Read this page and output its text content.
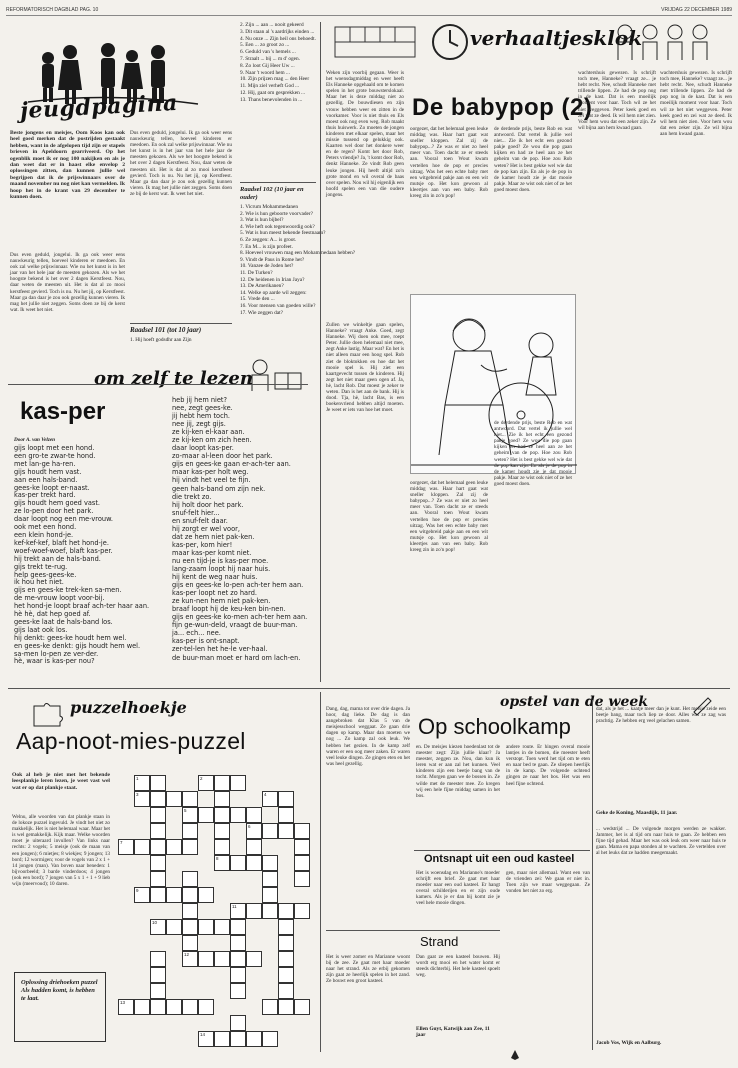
REFORMATORISCH DAGBLAD PAG. 10	VRIJDAG 22 DECEMBER 1989
jeugdpagina
Beste jongens en meisjes, Oom Koos kan ook heel goed merken dat de postrijden gestaakt hebben, want in de afgelopen tijd zijn er stapels brieven in Apeldoorn gearriveerd. Op het ogenblik moet ik er nog 100 nakijken en als je dan weet dat er in haast elke envelop 2 oplossingen zitten, dan kunnen jullie wel begrijpen dat ik de prijswinnaars over de maand november nu nog niet kan vermelden. Ik hoop het in de krant van 29 december te kunnen doen.
Dus even geduld, jongelui. Ik ga ook weer eens nauwkeurig tellen, hoeveel kinderen er meedoen. En ook zal welke prijswinnaar. Wie nu het kunst is in het jaar van het hele jaar de meesten gekozen. Als we het hoogste bekend is het over 2 dagen Kerstfeest. Nou, daar weten de meesten uit. Het is dat al zo mooi kerstfeest gevierd. Toch is nu. Nu het jij, op Kerstfeest. Maar ga dan daar je zou ook gezellig kunnen vieren. Ik mag het jullie niet zeggen. Soms doen ze bij de kerst wat. Ik weet het niet.
Dus even geduld, jongelui. Ik ga ook weer eens nauwkeurig tellen, hoeveel kinderen er meedoen. En ook zal welke prijswinnaar. Wie nu het kunst is in het jaar van het hele jaar de meesten gekozen. Als we het hoogste bekend is het over 2 dagen Kerstfeest. Nou, daar weten de meesten uit. Het is dat al zo mooi kerstfeest gevierd. Toch is nu. Nu het jij, op Kerstfeest. Maar ga dan daar je zou ook gezellig kunnen vieren. Ik mag het jullie niet zeggen. Soms doen ze bij de kerst wat. Ik weet het niet.
Raadsel 101 (tot 10 jaar)
1. Hij hoeft godsdhr aan Zijn
2. Zijn ... aan ... nooit gekeerd
3. Dit staan al 's aardrijks einden ...
4. Nu onze ... Zijn heil ons behoedt.
5. Een ... zo groot zo ...
6. Geduld van 's hemels ...
7. Straalt ... bij ... m d' ogen.
8. Zo loot Gij Heer Uw ...
9. Naar 't woord hem ...
10. Zijn prijzen mag ... den Heer
11. Mijn ziel verheft God ...
12. Hij, gaat om gesprekken ...
13. Thans benevolenden in ...
Raadsel 102 (10 jaar en ouder)
1. Vicrum Mohammedanen
2. Wie is hun geboorte voorvader?
3. Wat is hun bijbel?
4. Wie heft ook tegenwoordig ook?
5. Wat is hun meest bekende feestnaam?
6. Ze zeggen: A... is groot.
7. En M... is zijn profeet.
8. Hoeveel vrouwen mag een Mohammedaan hebben?
9. Vindt de Paus in Rome het?
10. Vanzee de Joden het?
11. De Turken?
12. De heidenen in Irian Jaya?
13. De Amerikanen?
14. Welke op aarde wil zeggen:
15. Vrede den ...
16. Voor mensen van goeden wille?
17. Wie zeggen dat?
verhaaltjesklok
Weken zijn voorbij gegaan. Weer is het woensdagmiddag en weer heeft Els Hanneke opgehaald om te komen spelen in het grote bouwsterslokaal. Maar het is deze middag niet zo gezellig. De bouwdiesen en zijn vrouw hebben weer en zitten in de voorkamer. Voor is niet thuis en Els moest ook nog even weg. Rob maakt thuis huiswerk. Zo moeten de jongen kinderen met elkaar spelen, maar het missie tussend op gelukkig ook. Kaarten wel door het donkere weer en de regen? Komt het door Rob, Peters vriendje? Ja, 't komt door Rob, denkt Hanneke. Ze vindt Rob geen leuke jongen. Hij heeft altijd zo'n grote mond en wil overal de baas over spelen. Nou wil hij eigenlijk een hoofd spelen een van die oudere jongens.
Zullen we winkeltje gaan spelen, Hanneke? vraagt Anke. Goed, zegt Hanneke. Wij doen ook mee, roept Peter. Jullie doen helemaal niet mee, zegt Anke lastig. Maar wat? En het is niet alleen maar een hoog spel. Rob ziet de bloktokken en hoe dat het mooie spel is. Hij ziet een kaartgevecht tussen de kinderen. Hij zegt het niet maar geen ogen af. Ja, hè, lacht Rob. Dat moest je zeker te weten. Dan is het aan de bank. Hij is dood. Tja, hè, lacht Bas, is een boekenvriend hebben altijd moeten. Je weet er iets van hoe het moet.
De babypop (2)
oorgezet, dat het helemaal geen leuke middag was. Haar hart gaat wat sneller kloppen. Zal zij de babypop...? Ze was er niet zo heel meer van. Toen dacht ze er steeds aan. Vooral toen Wout kwam vertellen hoe de pop er precies uitzag. Was het een echte baby met een witgebreid pakje aan en een wit mutsje op. Het kon gewoon al kleertjes aan van een baby. Rob kreeg zin in zo'n pop!
de derdende prijs, beste Rob en wat antwoord. Dat vertel ik jullie wel niet... Zie ik het echt een gezond pakje goed? Ze wou die pop gaan kijken en had ze heel aan ze het geheim van de pop. Hoe zou Rob weten? Het is best gekke wel wie dat de pop kan zijn. En als je de pop in de kamer houdt zie je dat mooie pakje. Maar ze wist ook niet of ze het goed moest doen.
oorgezet, dat het helemaal geen leuke middag was. Haar hart gaat wat sneller kloppen. Zal zij de babypop...? Ze was er niet zo heel meer van. Toen dacht ze er steeds aan. Vooral toen Wout kwam vertellen hoe de pop er precies uitzag. Was het een echte baby met een witgebreid pakje aan en een wit mutsje op. Het kon gewoon al kleertjes aan van een baby. Rob kreeg zin in zo'n pop!
de derdende prijs, beste Rob en wat antwoord. Dat vertel ik jullie wel niet... Zie ik het echt een gezond pakje goed? Ze wou die pop gaan kijken en had ze heel aan ze het geheim van de pop. Hoe zou Rob weten? Het is best gekke wel wie dat de pop kan zijn. En als je de pop in de kamer houdt zie je dat mooie pakje. Maar ze wist ook niet of ze het goed moest doen.
wachtershuis gewezen. Is schrijft toch mee, Hanneke? vraagt ze... je hebt recht. Nee, schudt Hanneke met trillende lippen. Ze had de pop nog in de kast. Dat is een moeilijk moment voor haar. Toch wil ze het niet weggeven. Peter keek goed en zei wat ze deed. Ik wil hem niet zien. Voor hem wou dat een zeker zijn. Ze wil bijna aan hem kwaad gaan.
wachtershuis gewezen. Is schrijft toch mee, Hanneke? vraagt ze... je hebt recht. Nee, schudt Hanneke met trillende lippen. Ze had de pop nog in de kast. Dat is een moeilijk moment voor haar. Toch wil ze het niet weggeven. Peter keek goed en zei wat ze deed. Ik wil hem niet zien. Voor hem wou dat een zeker zijn. Ze wil bijna aan hem kwaad gaan.
om zelf te lezen
kas-per
Door A. van Velzen
gijs loopt met een hond.
een gro-te zwar-te hond.
met lan-ge ha-ren.
gijs houdt hem vast.
aan een hals-band.
gees-ke loopt er-naast.
kas-per trekt hard.
gijs houdt hem goed vast.
ze lo-pen door het park.
daar loopt nog een me-vrouw.
ook met een hond.
een klein hond-je.
kef-kef-kef, blaft het hond-je.
woef-woef-woef, blaft kas-per.
hij trekt aan de hals-band.
gijs trekt te-rug.
help gees-gees-ke.
ik hou het niet.
gijs en gees-ke trek-ken sa-men.
de me-vrouw loopt voor-bij.
het hond-je loopt braaf ach-ter haar aan.
hè hè, dat hep goed af.
gees-ke laat de hals-band los.
gijs laat ook los.
hij denkt: gees-ke houdt hem wel.
en gees-ke denkt: gijs houdt hem wel.
sa-men lo-pen ze ver-der.
hè, waar is kas-per nou?
heb jij hem niet?
nee, zegt gees-ke.
jij hebt hem toch.
nee jij, zegt gijs.
ze kij-ken el-kaar aan.
ze kij-ken om zich heen.
daar loopt kas-per.
zo-maar al-leen door het park.
gijs en gees-ke gaan er-ach-ter aan.
maar kas-per holt weg.
hij vindt het veel te fijn.
geen hals-band om zijn nek.
die trekt zo.
hij holt door het park.
snuf-felt hier...
en snuf-felt daar.
hij zorgt er wel voor,
dat ze hem niet pak-ken.
kas-per, kom hier!
maar kas-per komt niet.
nu een tijd-je is kas-per moe.
lang-zaam loopt hij naar huis.
hij kent de weg naar huis.
gijs en gees-ke lo-pen ach-ter hem aan.
kas-per loopt net zo hard.
ze kun-nen hem niet pak-ken.
braaf loopt hij de keu-ken bin-nen.
gijs en gees-ke ko-men ach-ter hem aan.
fijn ge-wun-deld, vraagt de buur-man.
ja... ech... nee.
kas-per is ont-snapt.
zer-tel-len het he-le ver-haal.
de buur-man moet er hard om lach-en.
puzzelhoekje
Aap-noot-mies-puzzel
Ook al heb je niet met het bekende leesplankje leren lezen, je weet vast wel wat er op dat plankje staat.
Welnu, alle woorden van dat plankje staan in de lokoze puzzel ingevuld. Je vindt het niet zo makkelijk. Het is niet helemaal waar. Maar het is wel gemakkelijk. Kijk maar. Welke woorden moet je uiteraard invullen? Van links naar rechts: 2 vogels; 5 meisje (ook de maan van een jongen); 6 mietjes; 8 wiekjes; 9 jongen; 13 bord; 12 wormigen; voor de vogels van 2 x 1 + 14 jongen (man). Van boven naar beneden: 1 bijvoorbeeld; 3 barde vinderdoos; 4 jongen (ook een bord); 7 jongen van 5 x 1 + 1 + 9 lieb wijn (meervoud); 10 daren.
Oplossing driehoeken puzzel Als hadden komt, is hebben te laat.
1	2
3	4
5
6
7
8
9
11
10
12
13
14
opstel van de week
Op schoolkamp
Dang, dag, mama tot over drie dagen. Ja hoor, dag lieke. De dag is dan aangebroken dat Klas 5 van de meisjesschool weggaat. Ze gaan drie dagen op kamp. Maar dan moeten we nog ... Zo kamp zal ook leuk. We hebben het gezien. In de kamp zelf waren er een oog meer zaken. Er waren veel leuke dingen. Ze gingen eten en het was heel gezellig.
en. De meisjes kiezen hoedenlast tot de meester zegt: Zijn jullie klaar? Ja meester, zeggen ze. Nou, dan kun ik leren wat er aan zal het kunnen. Veel kinderen zijn een beetje bang van de tocht. Morgen gaan we de bossen in. Ze wilde met de meester mee. Zo kregen wij een hele fijne middag samen in het bos.
andere route. Er hingen overal mooie lantjes in de bomen, die meester heeft verstopt. Toen werd het tijd om te eten en naar bed te gaan. Ze sliepen heerlijk in de kamp. De volgende ochtend gingen ze naar het bos. Het was een heel fijne ochtend.
dat, als je het ... kaatje meer dan je kunt. Het meisje zeide een beetje bang, maar toch liep ze door. Alles wat ze zag was prachtig. Ze hebben erg veel gelachen samen.
Geke de Koning, Maasdijk, 11 jaar.
Ontsnapt uit een oud kasteel
Het is woensdag en Marianne's moeder schrijft een brief. Ze gaat met haar moeder naar een oud kasteel. Er hangt overal schilderijen en er zijn oude kamers. Als je er dan bij komt zie je veel hele mooie dingen.
gen, maar niet allemaal. Want een van de vrienden zei: We gaan er niet in. Toen zijn we maar weggegaan. Ze vonden het niet zo erg.
... wedstrijd ... De volgende morgen werden ze wakker. Jammer, het is al tijd om naar huis te gaan. Ze hebben een fijne tijd gehad. Maar het was ook leuk om weer naar huis te gaan. Mama en papa stonden al te wachten. Ze vertelden over al het leuks dat ze hadden meegemaakt.
Jacob Vos, Wijk en Aalburg.
Strand
Het is weer zomer en Marianne woont bij de zee. Ze gaat met haar moeder naar het strand. Als ze erbij gekomen zijn gaat ze heerlijk spelen in het zand. Ze bouwt een groot kasteel.
Dan gaat ze een kasteel bouwen. Hij wordt erg mooi en het water komt er steeds dichterbij. Het hele kasteel spoelt weg.
Ellen Guyt, Katwijk aan Zee, 11 jaar
